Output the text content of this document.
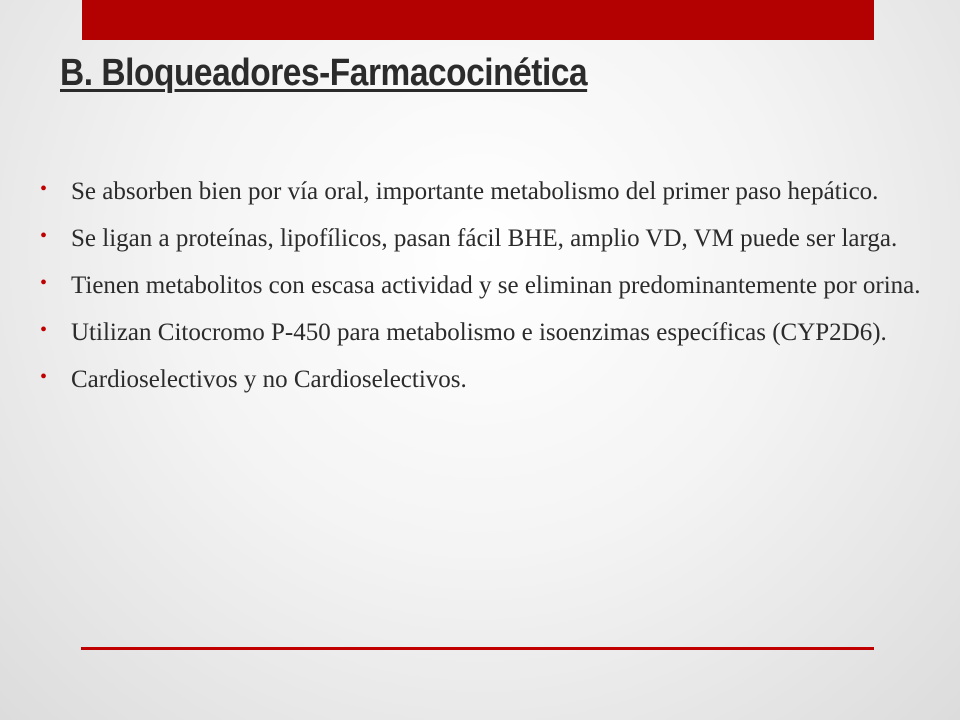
B. Bloqueadores-Farmacocinética
• Se absorben bien por vía oral, importante metabolismo del primer paso hepático.
• Se ligan a proteínas, lipofílicos, pasan fácil BHE, amplio VD, VM puede ser larga.
• Tienen metabolitos con escasa actividad y se eliminan predominantemente por orina.
• Utilizan Citocromo P-450 para metabolismo e isoenzimas específicas (CYP2D6).
• Cardioselectivos y no Cardioselectivos.
